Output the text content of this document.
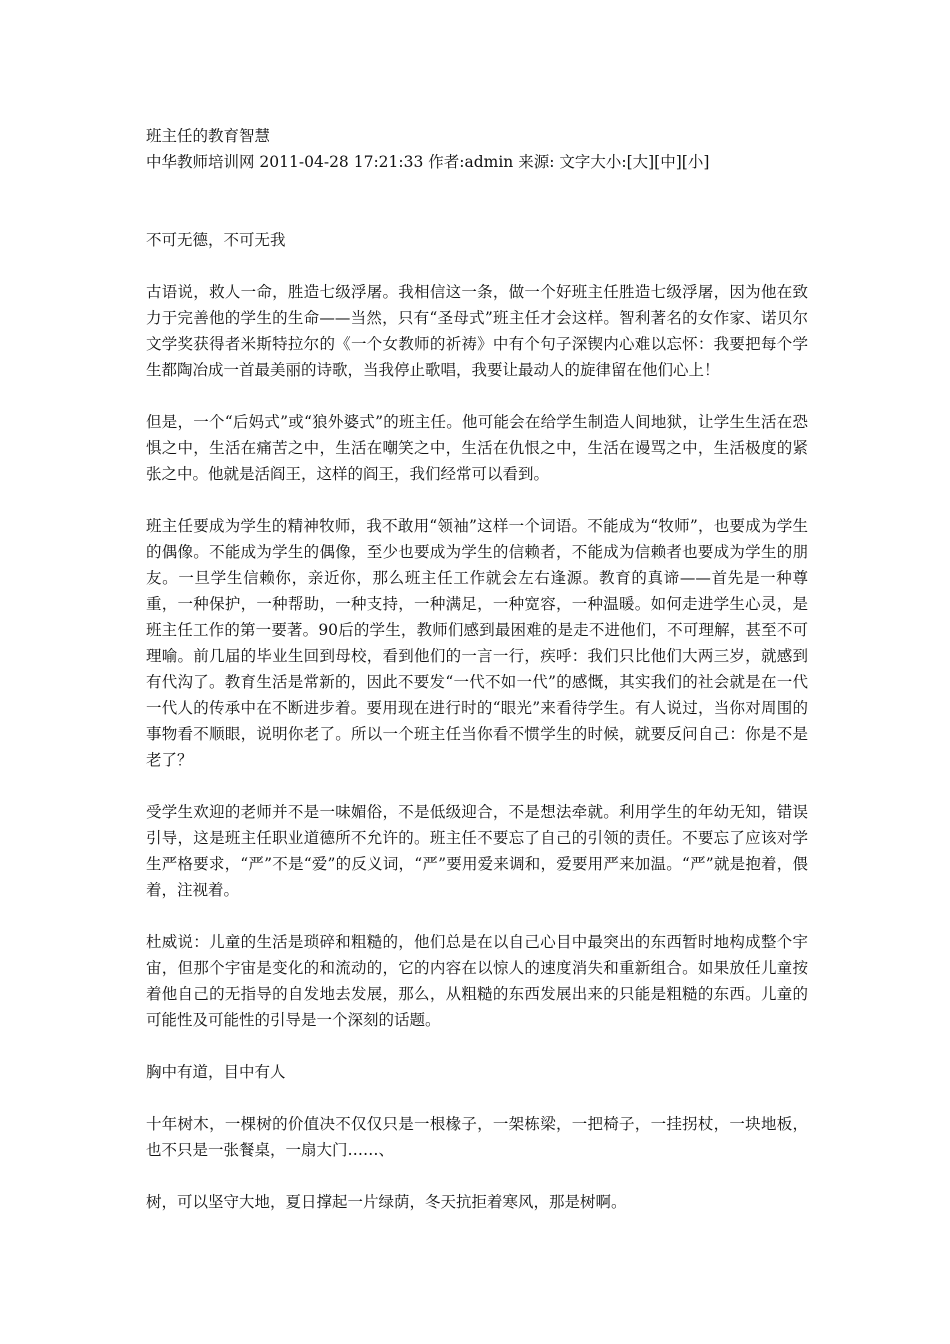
班主任的教育智慧
中华教师培训网 2011-04-28 17:21:33 作者:admin 来源: 文字大小:[大][中][小]

不可无德，不可无我

古语说，救人一命，胜造七级浮屠。我相信这一条，做一个好班主任胜造七级浮屠，因为他在致力于完善他的学生的生命——当然，只有“圣母式”班主任才会这样。智利著名的女作家、诺贝尔文学奖获得者米斯特拉尔的《一个女教师的祈祷》中有个句子深锲内心难以忘怀：我要把每个学生都陶冶成一首最美丽的诗歌，当我停止歌唱，我要让最动人的旋律留在他们心上！

但是，一个“后妈式”或“狼外婆式”的班主任。他可能会在给学生制造人间地狱，让学生生活在恐惧之中，生活在痛苦之中，生活在嘲笑之中，生活在仇恨之中，生活在谩骂之中，生活极度的紧张之中。他就是活阎王，这样的阎王，我们经常可以看到。

班主任要成为学生的精神牧师，我不敢用“领袖”这样一个词语。不能成为“牧师”，也要成为学生的偶像。不能成为学生的偶像，至少也要成为学生的信赖者，不能成为信赖者也要成为学生的朋友。一旦学生信赖你，亲近你，那么班主任工作就会左右逢源。教育的真谛——首先是一种尊重，一种保护，一种帮助，一种支持，一种满足，一种宽容，一种温暖。如何走进学生心灵，是班主任工作的第一要著。90后的学生，教师们感到最困难的是走不进他们，不可理解，甚至不可理喻。前几届的毕业生回到母校，看到他们的一言一行，疾呼：我们只比他们大两三岁，就感到有代沟了。教育生活是常新的，因此不要发“一代不如一代”的感慨，其实我们的社会就是在一代一代人的传承中在不断进步着。要用现在进行时的“眼光”来看待学生。有人说过，当你对周围的事物看不顺眼，说明你老了。所以一个班主任当你看不惯学生的时候，就要反问自己：你是不是老了？

受学生欢迎的老师并不是一味媚俗，不是低级迎合，不是想法牵就。利用学生的年幼无知，错误引导，这是班主任职业道德所不允许的。班主任不要忘了自己的引领的责任。不要忘了应该对学生严格要求，“严”不是“爱”的反义词，“严”要用爱来调和，爱要用严来加温。“严”就是抱着，偎着，注视着。

杜威说：儿童的生活是琐碎和粗糙的，他们总是在以自己心目中最突出的东西暂时地构成整个宇宙，但那个宇宙是变化的和流动的，它的内容在以惊人的速度消失和重新组合。如果放任儿童按着他自己的无指导的自发地去发展，那么，从粗糙的东西发展出来的只能是粗糙的东西。儿童的可能性及可能性的引导是一个深刻的话题。

胸中有道，目中有人

十年树木，一棵树的价值决不仅仅只是一根椽子，一架栋梁，一把椅子，一挂拐杖，一块地板，也不只是一张餐桌，一扇大门……、

树，可以坚守大地，夏日撑起一片绿荫，冬天抗拒着寒风，那是树啊。
